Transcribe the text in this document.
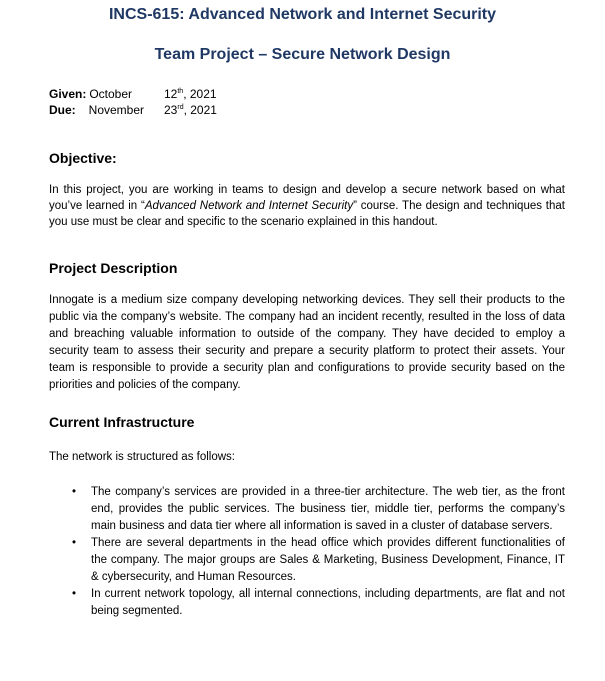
INCS-615: Advanced Network and Internet Security
Team Project – Secure Network Design
Given: October	12th, 2021
Due: November 23rd, 2021
Objective:
In this project, you are working in teams to design and develop a secure network based on what you’ve learned in “Advanced Network and Internet Security” course. The design and techniques that you use must be clear and specific to the scenario explained in this handout.
Project Description
Innogate is a medium size company developing networking devices. They sell their products to the public via the company’s website. The company had an incident recently, resulted in the loss of data and breaching valuable information to outside of the company. They have decided to employ a security team to assess their security and prepare a security platform to protect their assets. Your team is responsible to provide a security plan and configurations to provide security based on the priorities and policies of the company.
Current Infrastructure
The network is structured as follows:
• The company’s services are provided in a three-tier architecture. The web tier, as the front end, provides the public services. The business tier, middle tier, performs the company’s main business and data tier where all information is saved in a cluster of database servers.
• There are several departments in the head office which provides different functionalities of the company. The major groups are Sales & Marketing, Business Development, Finance, IT & cybersecurity, and Human Resources.
• In current network topology, all internal connections, including departments, are flat and not being segmented.
